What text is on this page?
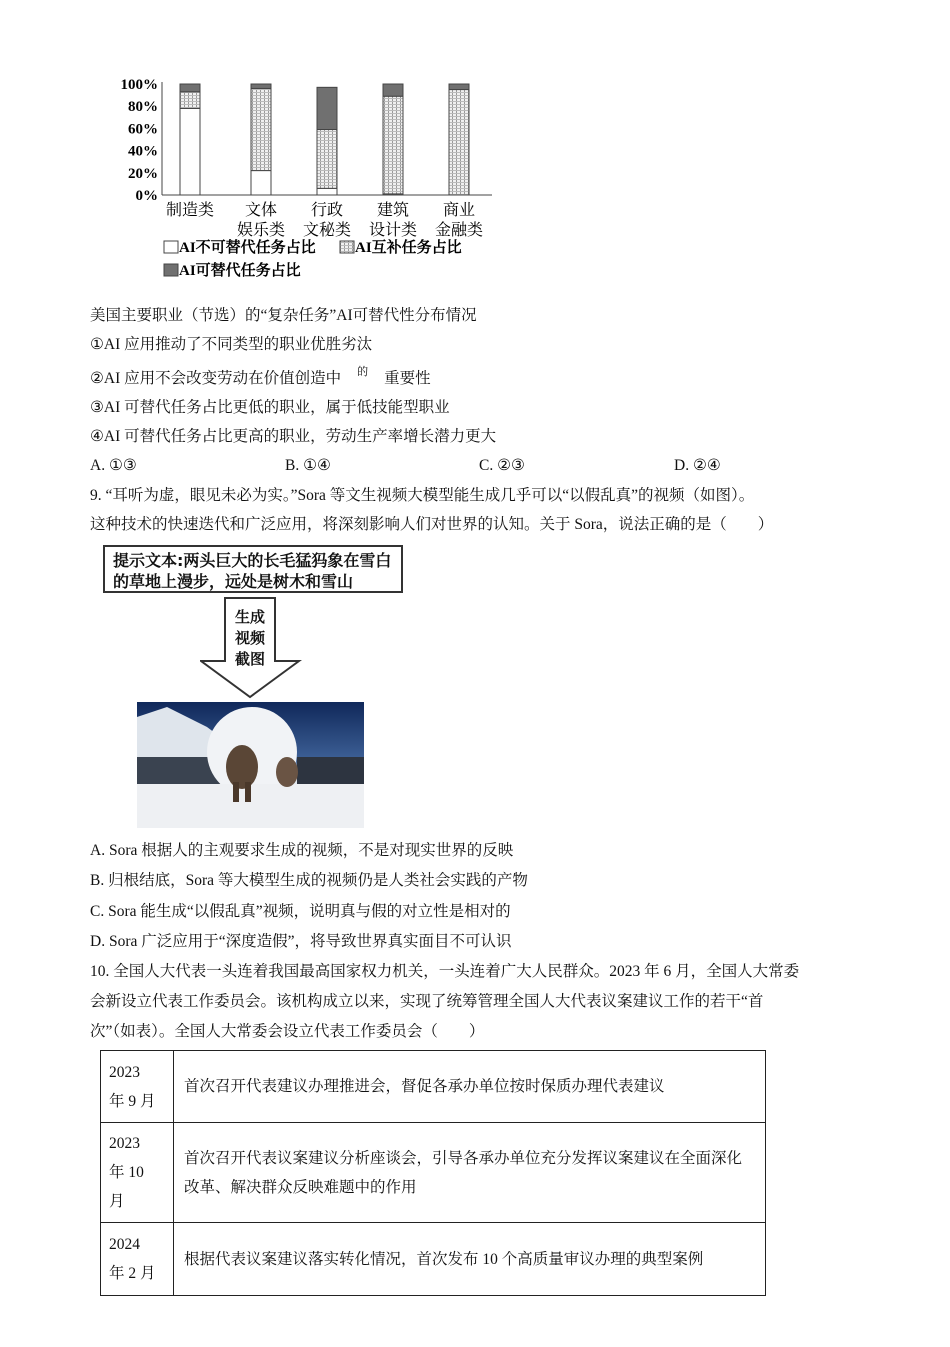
0%
20%
40%
60%
80%
100%
制造类 文体
娱乐类
行政
文秘类
建筑
设计类
商业
金融类
AI不可替代任务占比	AI互补任务占比
AI可替代任务占比
美国主要职业（节选）的“复杂任务”AI可替代性分布情况
①AI 应用推动了不同类型的职业优胜劣汰
②AI 应用不会改变劳动在价值创造中 $^的$ 重要性
③AI 可替代任务占比更低的职业，属于低技能型职业
④AI 可替代任务占比更高的职业，劳动生产率增长潜力更大
A. ①③	B. ①④	C. ②③	D. ②④
9. “耳听为虚，眼见未必为实。”Sora 等文生视频大模型能生成几乎可以“以假乱真”的视频（如图）。
这种技术的快速迭代和广泛应用，将深刻影响人们对世界的认知。关于 Sora，说法正确的是（　　）
提示文本:两头巨大的长毛猛犸象在雪白的草地上漫步，远处是树木和雪山
生成
视频
截图
A. Sora 根据人的主观要求生成的视频，不是对现实世界的反映
B. 归根结底，Sora 等大模型生成的视频仍是人类社会实践的产物
C. Sora 能生成“以假乱真”视频，说明真与假的对立性是相对的
D. Sora 广泛应用于“深度造假”，将导致世界真实面目不可认识
10. 全国人大代表一头连着我国最高国家权力机关，一头连着广大人民群众。2023 年 6 月，全国人大常委
会新设立代表工作委员会。该机构成立以来，实现了统筹管理全国人大代表议案建议工作的若干“首
次”（如表）。全国人大常委会设立代表工作委员会（　　）
2023
年 9 月	首次召开代表建议办理推进会，督促各承办单位按时保质办理代表建议

2023
年 10
月	首次召开代表议案建议分析座谈会，引导各承办单位充分发挥议案建议在全面深化改革、解决群众反映难题中的作用

2024
年 2 月	根据代表议案建议落实转化情况，首次发布 10 个高质量审议办理的典型案例
